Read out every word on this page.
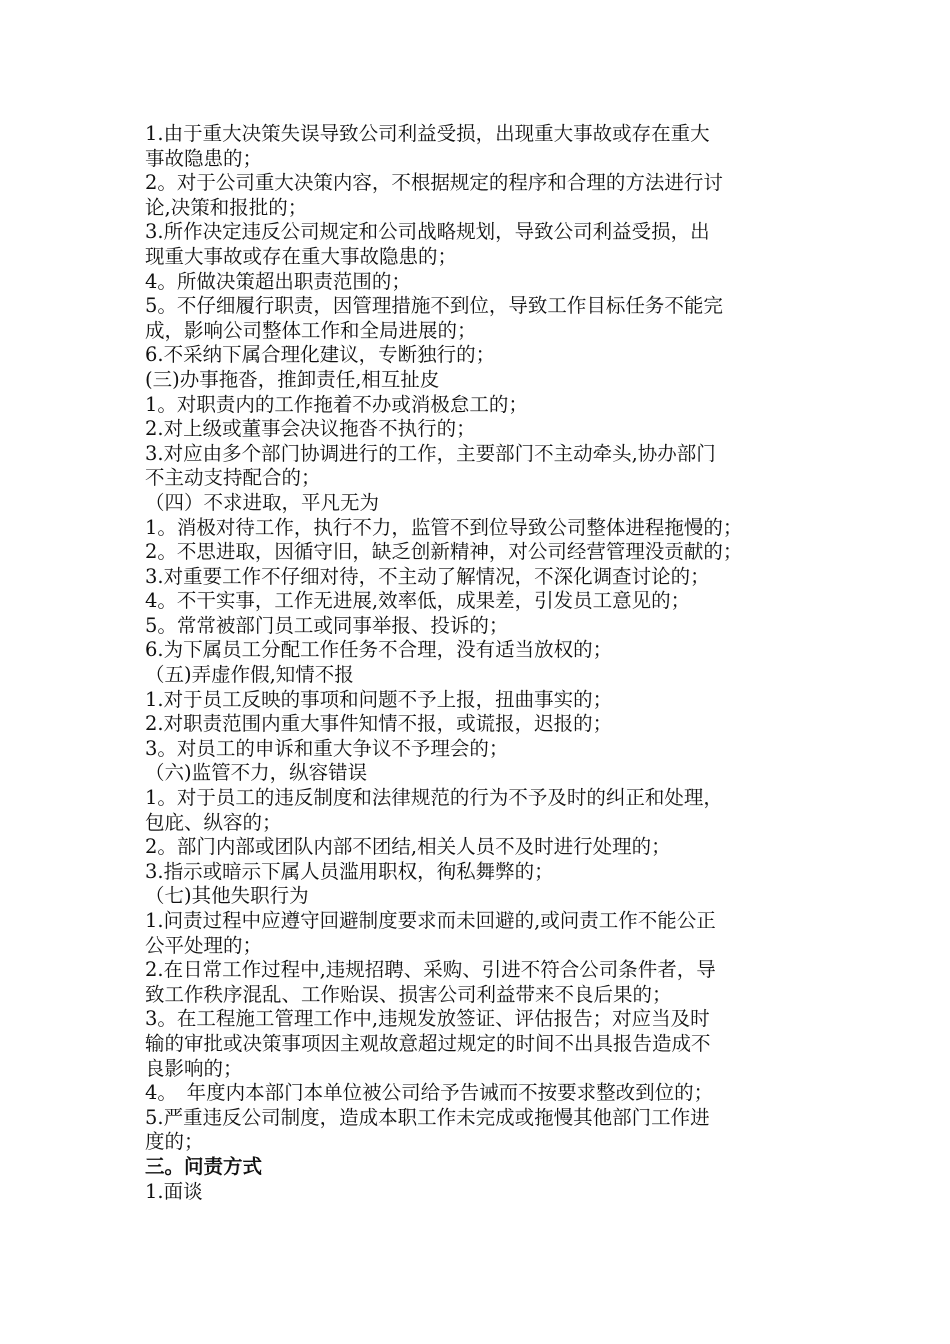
1.由于重大决策失误导致公司利益受损，出现重大事故或存在重大
事故隐患的；
2。对于公司重大决策内容，不根据规定的程序和合理的方法进行讨
论,决策和报批的；
3.所作决定违反公司规定和公司战略规划，导致公司利益受损，出
现重大事故或存在重大事故隐患的；
4。所做决策超出职责范围的；
5。不仔细履行职责，因管理措施不到位，导致工作目标任务不能完
成，影响公司整体工作和全局进展的；
6.不采纳下属合理化建议，专断独行的；
(三)办事拖沓，推卸责任,相互扯皮
1。对职责内的工作拖着不办或消极怠工的；
2.对上级或董事会决议拖沓不执行的；
3.对应由多个部门协调进行的工作，主要部门不主动牵头,协办部门
不主动支持配合的；
（四）不求进取，平凡无为
1。消极对待工作，执行不力，监管不到位导致公司整体进程拖慢的；
2。不思进取，因循守旧，缺乏创新精神，对公司经营管理没贡献的；
3.对重要工作不仔细对待，不主动了解情况，不深化调查讨论的；
4。不干实事，工作无进展,效率低，成果差，引发员工意见的；
5。常常被部门员工或同事举报、投诉的；
6.为下属员工分配工作任务不合理，没有适当放权的；
（五)弄虚作假,知情不报
1.对于员工反映的事项和问题不予上报，扭曲事实的；
2.对职责范围内重大事件知情不报，或谎报，迟报的；
3。对员工的申诉和重大争议不予理会的；
（六)监管不力，纵容错误
1。对于员工的违反制度和法律规范的行为不予及时的纠正和处理，
包庇、纵容的；
2。部门内部或团队内部不团结,相关人员不及时进行处理的；
3.指示或暗示下属人员滥用职权，徇私舞弊的；
（七)其他失职行为
1.问责过程中应遵守回避制度要求而未回避的,或问责工作不能公正
公平处理的；
2.在日常工作过程中,违规招聘、采购、引进不符合公司条件者，导
致工作秩序混乱、工作贻误、损害公司利益带来不良后果的；
3。在工程施工管理工作中,违规发放签证、评估报告；对应当及时
输的审批或决策事项因主观故意超过规定的时间不出具报告造成不
良影响的；
4。　年度内本部门本单位被公司给予告诫而不按要求整改到位的；
5.严重违反公司制度，造成本职工作未完成或拖慢其他部门工作进
度的；
三。问责方式
1.面谈
